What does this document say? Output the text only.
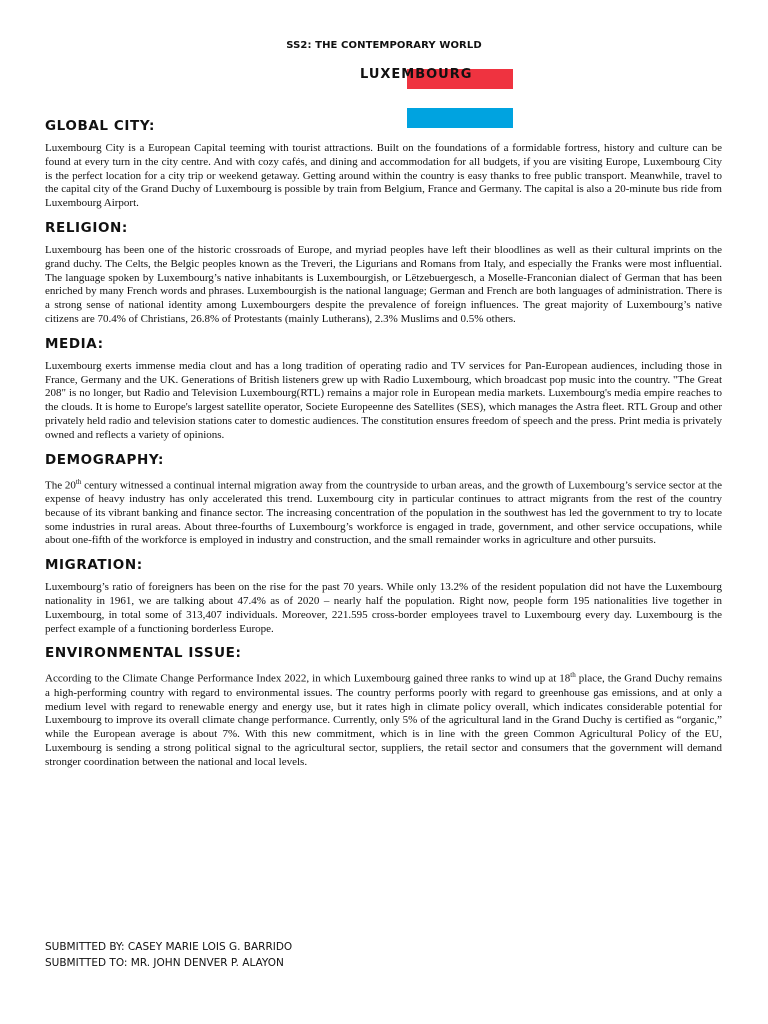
SS2: THE CONTEMPORARY WORLD
LUXEMBOURG
GLOBAL CITY:

Luxembourg City is a European Capital teeming with tourist attractions. Built on the foundations of a formidable fortress, history and culture can be found at every turn in the city centre. And with cozy cafés, and dining and accommodation for all budgets, if you are visiting Europe, Luxembourg City is the perfect location for a city trip or weekend getaway. Getting around within the country is easy thanks to free public transport. Meanwhile, travel to the capital city of the Grand Duchy of Luxembourg is possible by train from Belgium, France and Germany. The capital is also a 20-minute bus ride from Luxembourg Airport.

RELIGION:

Luxembourg has been one of the historic crossroads of Europe, and myriad peoples have left their bloodlines as well as their cultural imprints on the grand duchy. The Celts, the Belgic peoples known as the Treveri, the Ligurians and Romans from Italy, and especially the Franks were most influential. The language spoken by Luxembourg’s native inhabitants is Luxembourgish, or Lëtzebuergesch, a Moselle-Franconian dialect of German that has been enriched by many French words and phrases. Luxembourgish is the national language; German and French are both languages of administration. There is a strong sense of national identity among Luxembourgers despite the prevalence of foreign influences. The great majority of Luxembourg’s native citizens are 70.4% of Christians, 26.8% of Protestants (mainly Lutherans), 2.3% Muslims and 0.5% others.

MEDIA:

Luxembourg exerts immense media clout and has a long tradition of operating radio and TV services for Pan-European audiences, including those in France, Germany and the UK. Generations of British listeners grew up with Radio Luxembourg, which broadcast pop music into the country. "The Great 208" is no longer, but Radio and Television Luxembourg(RTL) remains a major role in European media markets. Luxembourg's media empire reaches to the clouds. It is home to Europe's largest satellite operator, Societe Europeenne des Satellites (SES), which manages the Astra fleet. RTL Group and other privately held radio and television stations cater to domestic audiences. The constitution ensures freedom of speech and the press. Print media is privately owned and reflects a variety of opinions.

DEMOGRAPHY:

The 20th century witnessed a continual internal migration away from the countryside to urban areas, and the growth of Luxembourg’s service sector at the expense of heavy industry has only accelerated this trend. Luxembourg city in particular continues to attract migrants from the rest of the country because of its vibrant banking and finance sector. The increasing concentration of the population in the southwest has led the government to try to locate some industries in rural areas. About three-fourths of Luxembourg’s workforce is engaged in trade, government, and other service occupations, while about one-fifth of the workforce is employed in industry and construction, and the small remainder works in agriculture and other pursuits.

MIGRATION:

Luxembourg’s ratio of foreigners has been on the rise for the past 70 years. While only 13.2% of the resident population did not have the Luxembourg nationality in 1961, we are talking about 47.4% as of 2020 – nearly half the population. Right now, people form 195 nationalities live together in Luxembourg, in total some of 313,407 individuals. Moreover, 221.595 cross-border employees travel to Luxembourg every day. Luxembourg is the perfect example of a functioning borderless Europe.

ENVIRONMENTAL ISSUE:

According to the Climate Change Performance Index 2022, in which Luxembourg gained three ranks to wind up at 18th place, the Grand Duchy remains a high-performing country with regard to environmental issues. The country performs poorly with regard to greenhouse gas emissions, and at only a medium level with regard to renewable energy and energy use, but it rates high in climate policy overall, which indicates considerable potential for Luxembourg to improve its overall climate change performance. Currently, only 5% of the agricultural land in the Grand Duchy is certified as “organic,” while the European average is about 7%. With this new commitment, which is in line with the green Common Agricultural Policy of the EU, Luxembourg is sending a strong political signal to the agricultural sector, suppliers, the retail sector and consumers that the government will demand stronger coordination between the national and local levels.

SUBMITTED BY: CASEY MARIE LOIS G. BARRIDO
SUBMITTED TO: MR. JOHN DENVER P. ALAYON
